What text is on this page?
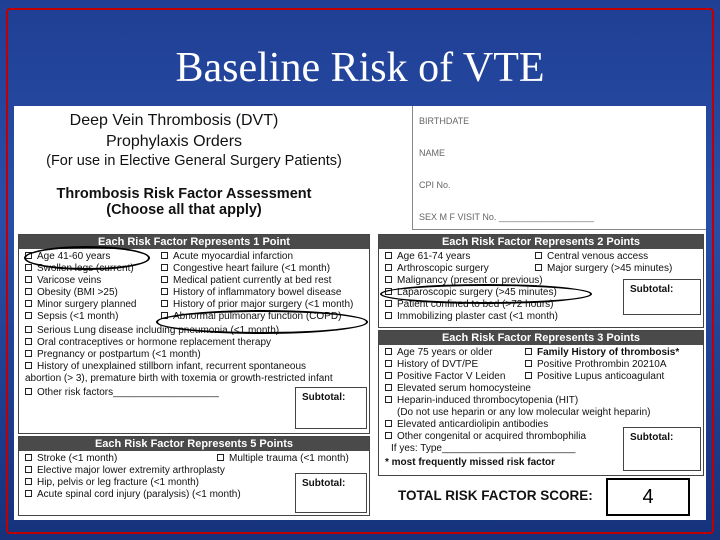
Baseline Risk of VTE
Deep Vein Thrombosis (DVT)
Prophylaxis Orders
(For use in Elective General Surgery Patients)
Thrombosis Risk Factor Assessment
(Choose all that apply)
BIRTHDATE
NAME
CPI No.
SEX M F VISIT No. ___________________
Each Risk Factor Represents 1 Point
Age 41-60 years
Swollen legs (current)
Varicose veins
Obesity (BMI >25)
Minor surgery planned
Sepsis (<1 month)
Acute myocardial infarction
Congestive heart failure (<1 month)
Medical patient currently at bed rest
History of inflammatory bowel disease
History of prior major surgery (<1 month)
Abnormal pulmonary function (COPD)
Serious Lung disease including pneumonia (<1 month)
Oral contraceptives or hormone replacement therapy
Pregnancy or postpartum (<1 month)
History of unexplained stillborn infant, recurrent spontaneous
abortion (> 3), premature birth with toxemia or growth-restricted infant
Other risk factors___________________	Subtotal:
Each Risk Factor Represents 2 Points
Age 61-74 years
Arthroscopic surgery
Malignancy (present or previous)
Laparoscopic surgery (>45 minutes)
Patient confined to bed (>72 hours)
Immobilizing plaster cast (<1 month)
Central venous access
Major surgery (>45 minutes)
Subtotal:
Each Risk Factor Represents 3 Points
Age 75 years or older
History of DVT/PE
Positive Factor V Leiden
Family History of thrombosis*
Positive Prothrombin 20210A
Positive Lupus anticoagulant
Elevated serum homocysteine
Heparin-induced thrombocytopenia (HIT)
(Do not use heparin or any low molecular weight heparin)
Elevated anticardiolipin antibodies
Other congenital or acquired thrombophilia
If yes: Type________________________
* most frequently missed risk factor
Subtotal:
Each Risk Factor Represents 5 Points
Stroke (<1 month)
Elective major lower extremity arthroplasty
Hip, pelvis or leg fracture (<1 month)
Acute spinal cord injury (paralysis) (<1 month)
Multiple trauma (<1 month)
Subtotal:
TOTAL RISK FACTOR SCORE:	4
